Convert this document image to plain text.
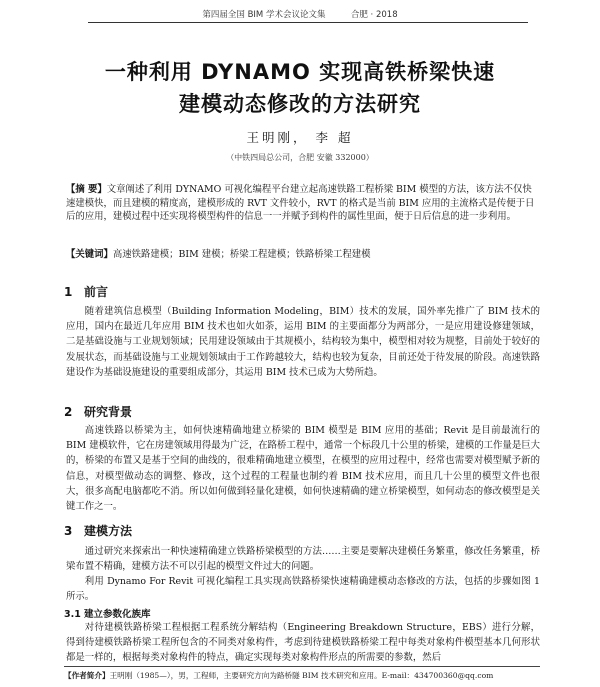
第四届全国 BIM 学术会议论文集	合肥 · 2018
一种利用 DYNAMO 实现高铁桥梁快速
建模动态修改的方法研究
王明刚， 李 超
（中铁四局总公司，合肥 安徽 332000）
【摘 要】文章阐述了利用 DYNAMO 可视化编程平台建立起高速铁路工程桥梁 BIM 模型的方法，该方法不仅快速建模快，而且建模的精度高，建模形成的 RVT 文件较小，RVT 的格式是当前 BIM 应用的主流格式是传便于日后的应用，建模过程中还实现将模型构件的信息一一并赋予到构件的属性里面，便于日后信息的进一步利用。
【关键词】高速铁路建模；BIM 建模；桥梁工程建模；铁路桥梁工程建模
1 前言
随着建筑信息模型（Building Information Modeling，BIM）技术的发展，国外率先推广了 BIM 技术的应用，国内在最近几年应用 BIM 技术也如火如荼，运用 BIM 的主要面都分为两部分，一是应用建设修建领域，二是基础设施与工业规划领域；民用建设领域由于其规模小，结构较为集中，模型相对较为规整，目前处于较好的发展状态，而基础设施与工业规划领域由于工作跨越较大，结构也较为复杂，目前还处于待发展的阶段。高速铁路建设作为基础设施建设的重要组成部分，其运用 BIM 技术已成为大势所趋。
2 研究背景
高速铁路以桥梁为主，如何快速精确地建立桥梁的 BIM 模型是 BIM 应用的基础；Revit 是目前最流行的 BIM 建模软件，它在房建领域用得最为广泛，在路桥工程中，通常一个标段几十公里的桥梁，建模的工作量是巨大的，桥梁的布置又是基于空间的曲线的，很难精确地建立模型，在模型的应用过程中，经常也需要对模型赋予新的信息，对模型做动态的调整、修改，这个过程的工程量也制约着 BIM 技术应用，而且几十公里的模型文件也很大，很多高配电脑都吃不消。所以如何做到轻量化建模，如何快速精确的建立桥梁模型，如何动态的修改模型是关键工作之一。
3 建模方法
通过研究来探索出一种快速精确建立铁路桥梁模型的方法……主要是要解决建模任务繁重，修改任务繁重，桥梁布置不精确，建模方法不可以引起的模型文件过大的问题。
利用 Dynamo For Revit 可视化编程工具实现高铁路桥梁快速精确建模动态修改的方法，包括的步骤如图 1 所示。
3.1 建立参数化族库
对待建模铁路桥梁工程根据工程系统分解结构（Engineering Breakdown Structure，EBS）进行分解，得到待建模铁路桥梁工程所包含的不同类对象构件，考虑到待建模铁路桥梁工程中每类对象构件模型基本几何形状都是一样的，根据每类对象构件的特点，确定实现每类对象构件形点的所需要的参数，然后
【作者简介】王明刚（1985—），男，工程师，主要研究方向为路桥隧 BIM 技术研究和应用。E-mail：434700360@qq.com
